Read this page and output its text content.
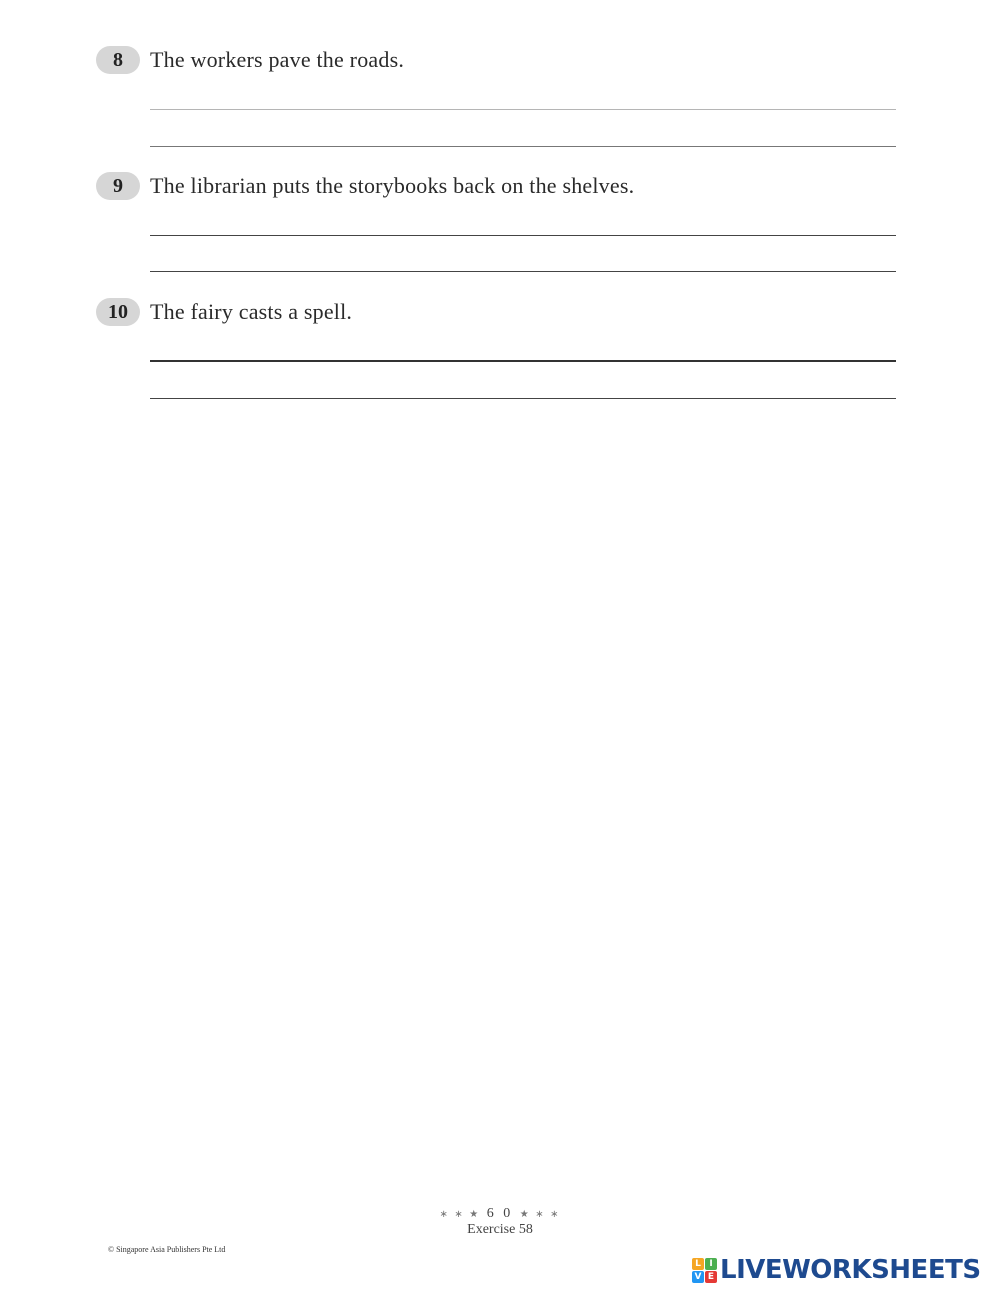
8	The workers pave the roads.
9	The librarian puts the storybooks back on the shelves.
10	The fairy casts a spell.
∗ ∗ ★ 6 0 ★ ∗ ∗
Exercise 58
© Singapore Asia Publishers Pte Ltd
L I
V E LIVEWORKSHEETS
